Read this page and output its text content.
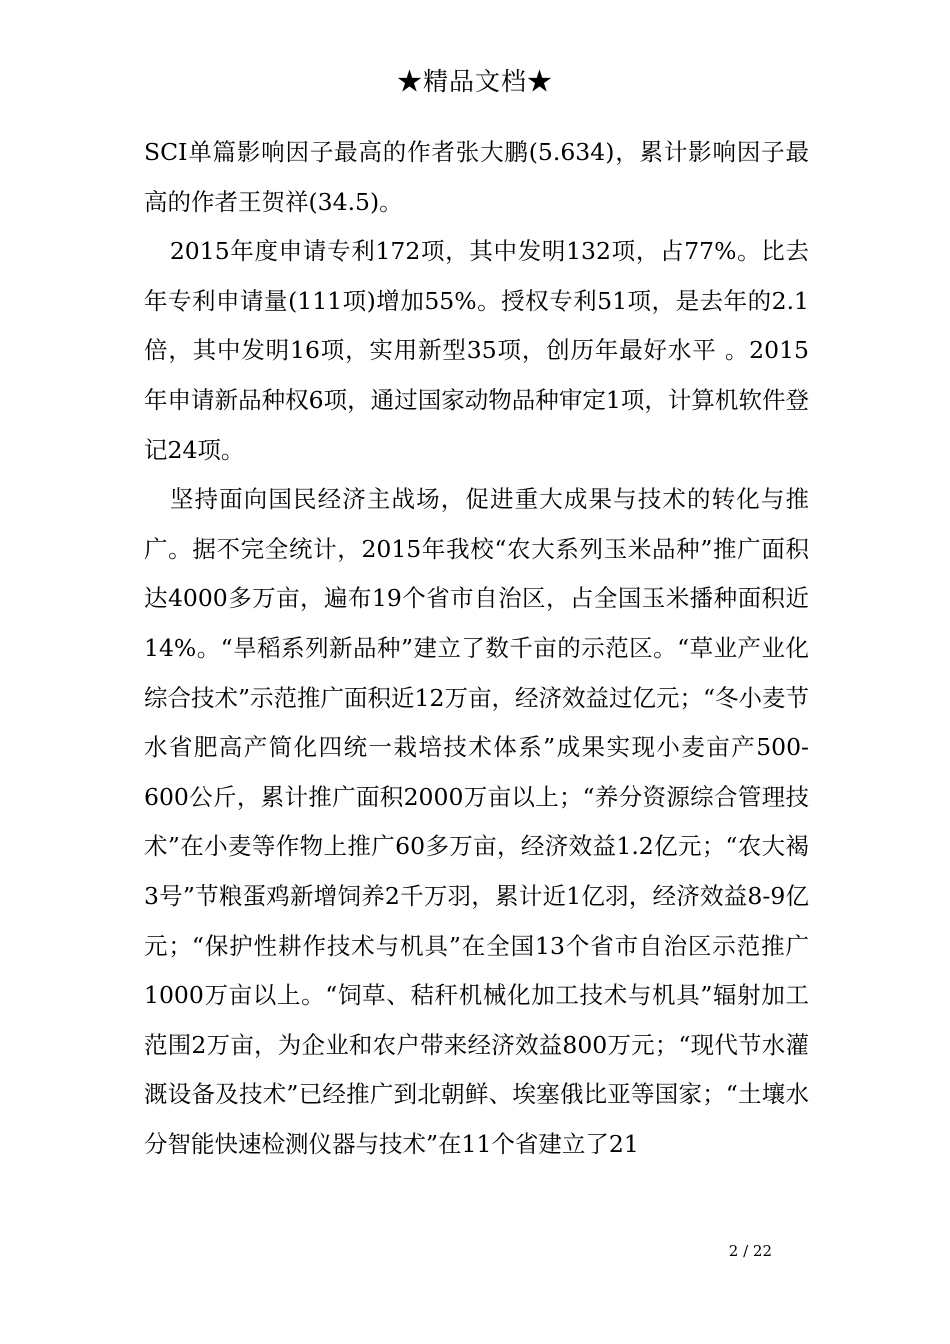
★精品文档★

SCI单篇影响因子最高的作者张大鹏(5.634)，累计影响因子最高的作者王贺祥(34.5)。

2015年度申请专利172项，其中发明132项，占77%。比去年专利申请量(111项)增加55%。授权专利51项，是去年的2.1倍，其中发明16项，实用新型35项，创历年最好水平 。2015年申请新品种权6项，通过国家动物品种审定1项，计算机软件登记24项。

坚持面向国民经济主战场，促进重大成果与技术的转化与推广。据不完全统计，2015年我校“农大系列玉米品种”推广面积达4000多万亩，遍布19个省市自治区，占全国玉米播种面积近14%。“旱稻系列新品种”建立了数千亩的示范区。“草业产业化综合技术”示范推广面积近12万亩，经济效益过亿元；“冬小麦节水省肥高产简化四统一栽培技术体系”成果实现小麦亩产500-600公斤，累计推广面积2000万亩以上；“养分资源综合管理技术”在小麦等作物上推广60多万亩，经济效益1.2亿元；“农大褐3号”节粮蛋鸡新增饲养2千万羽，累计近1亿羽，经济效益8-9亿元；“保护性耕作技术与机具”在全国13个省市自治区示范推广1000万亩以上。“饲草、秸秆机械化加工技术与机具”辐射加工范围2万亩，为企业和农户带来经济效益800万元；“现代节水灌溉设备及技术”已经推广到北朝鲜、埃塞俄比亚等国家；“土壤水分智能快速检测仪器与技术”在11个省建立了21

2 / 22
